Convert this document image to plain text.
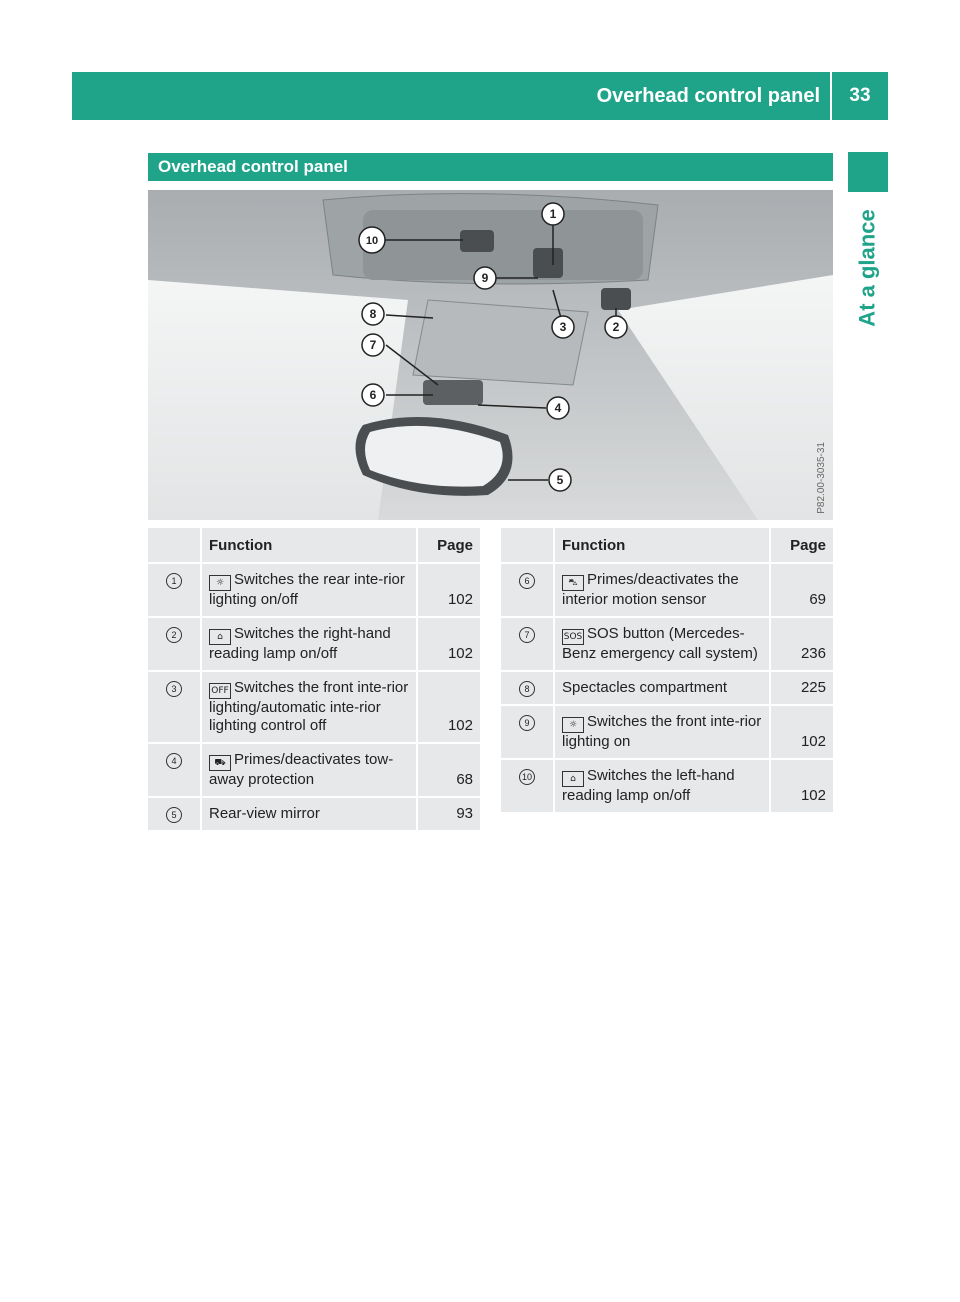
Overhead control panel	33
At a glance
Overhead control panel
1
2
3
4
5
6
7
8
9
10
P82.00-3035-31
	Function	Page
1	☼ Switches the rear inte-rior lighting on/off	102
2	⌂ Switches the right-hand reading lamp on/off	102
3	OFF Switches the front inte-rior lighting/automatic inte-rior lighting control off	102
4	⛟ Primes/deactivates tow-away protection	68
5	Rear-view mirror	93
	Function	Page
6	⛍ Primes/deactivates the interior motion sensor	69
7	SOS SOS button (Mercedes-Benz emergency call system)	236
8	Spectacles compartment	225
9	☼ Switches the front inte-rior lighting on	102
10	⌂ Switches the left-hand reading lamp on/off	102
